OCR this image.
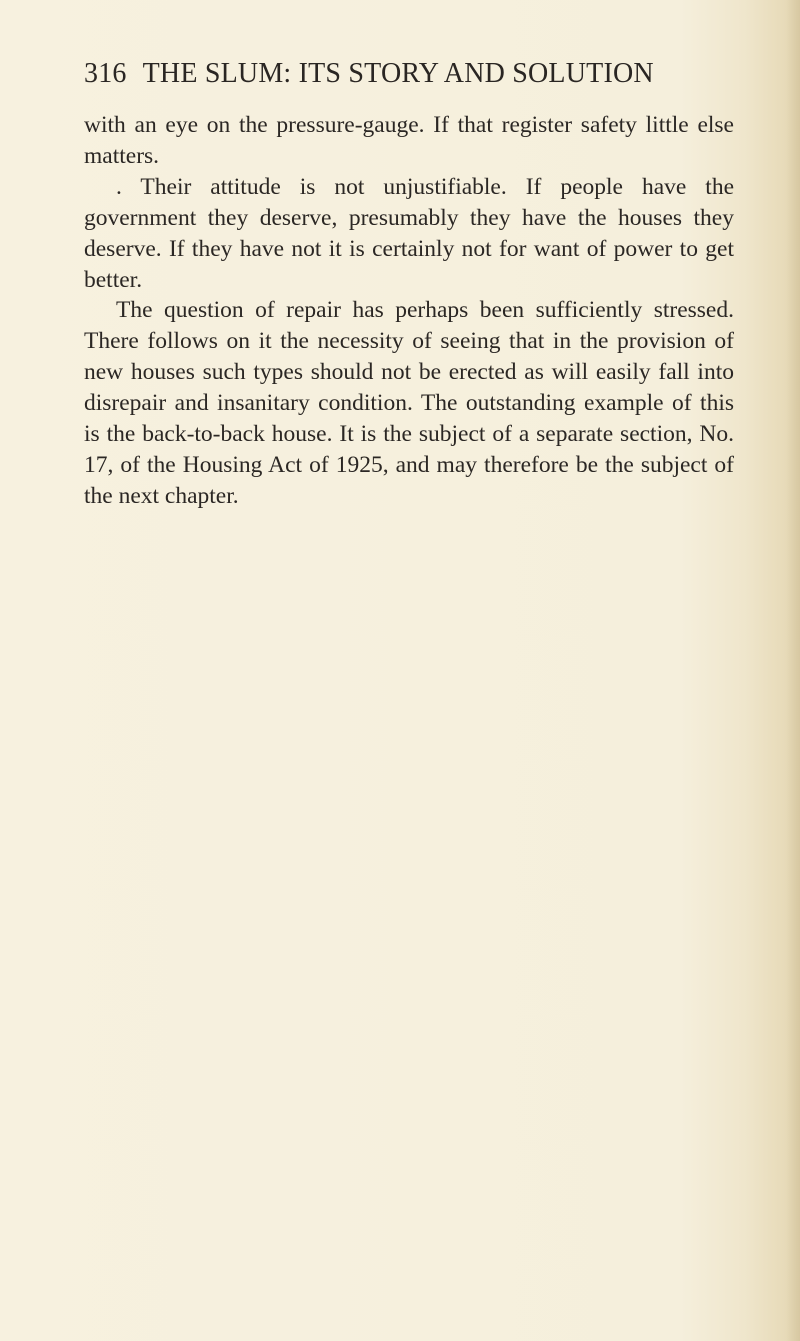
316 THE SLUM: ITS STORY AND SOLUTION

with an eye on the pressure-gauge. If that register safety little else matters.

. Their attitude is not unjustifiable. If people have the government they deserve, presumably they have the houses they deserve. If they have not it is certainly not for want of power to get better.

The question of repair has perhaps been sufficiently stressed. There follows on it the necessity of seeing that in the provision of new houses such types should not be erected as will easily fall into disrepair and insanitary condition. The outstanding example of this is the back-to-back house. It is the subject of a separate section, No. 17, of the Housing Act of 1925, and may therefore be the subject of the next chapter.
